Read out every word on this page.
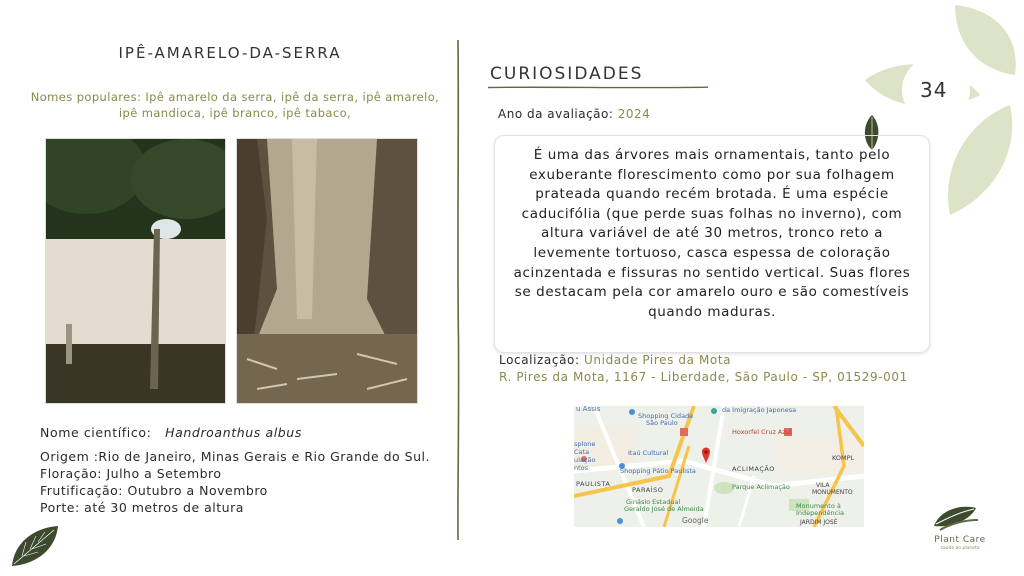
34
IPÊ-AMARELO-DA-SERRA
Nomes populares: Ipê amarelo da serra, ipê da serra, ipê amarelo, ipê mandioca, ipê branco, ipê tabaco,
Nome científico: Handroanthus albus
Origem :Rio de Janeiro, Minas Gerais e Rio Grande do Sul.
Floração: Julho a Setembro
Frutificação: Outubro a Novembro
Porte: até 30 metros de altura
CURIOSIDADES
Ano da avaliação: 2024
É uma das árvores mais ornamentais, tanto pelo exuberante florescimento como por sua folhagem prateada quando recém brotada. É uma espécie caducifólia (que perde suas folhas no inverno), com altura variável de até 30 metros, tronco reto a levemente tortuoso, casca espessa de coloração acinzentada e fissuras no sentido vertical. Suas flores se destacam pela cor amarelo ouro e são comestíveis quando maduras.
Localização: Unidade Pires da Mota
R. Pires da Mota, 1167 - Liberdade, São Paulo - SP, 01529-001
u Assis
Shopping Cidade
São Paulo
da Imigração Japonesa
Hoxorfel Cruz Azul
splone
Cata
ulação
ntos
Itaú Cultural
Shopping Pátio Paulista	ACLIMAÇÃO
KOMPL
PAULISTA
PARAÍSO	Parque Aclimação	VILA
MONUMENTO
Ginásio Estadual
Geraldo José de Almeida	Monumento à
Independência
JARDIM JOSÉ
Google
Plant Care
saúde ao planeta
